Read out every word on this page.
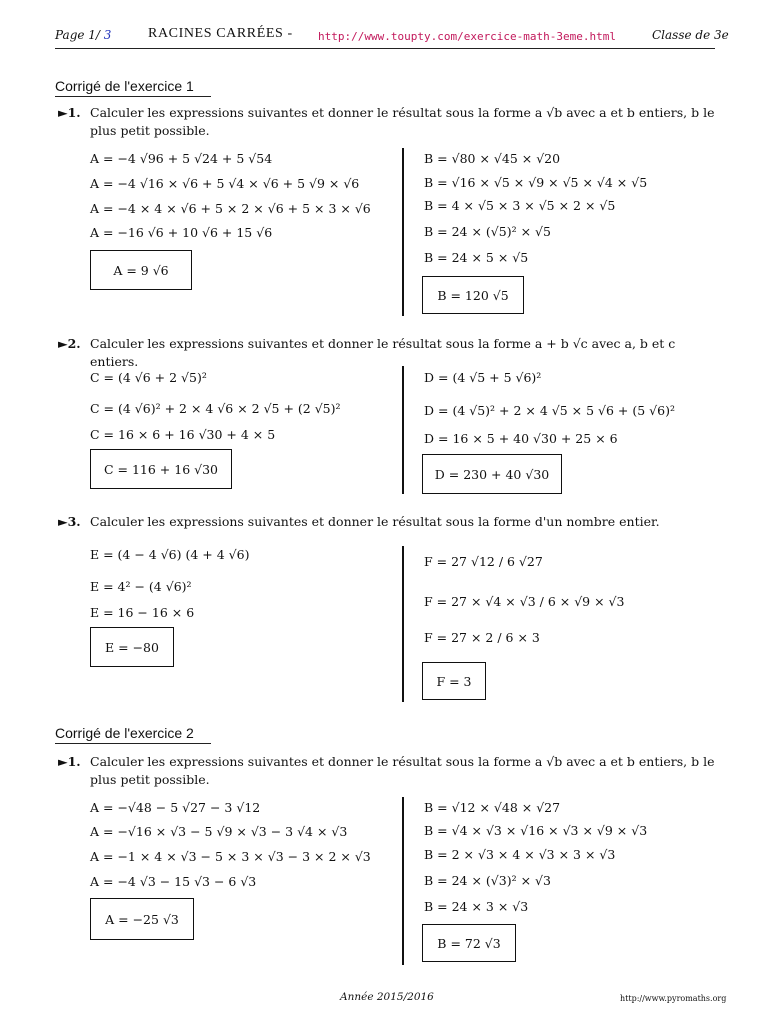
Page 1/ 3	RACINES CARRÉES - http://www.toupty.com/exercice-math-3eme.html	Classe de 3e
Corrigé de l'exercice 1
►1. Calculer les expressions suivantes et donner le résultat sous la forme a √b avec a et b entiers, b le plus petit possible.
A = −4 √96 + 5 √24 + 5 √54
A = −4 √16 × √6 + 5 √4 × √6 + 5 √9 × √6
A = −4 × 4 × √6 + 5 × 2 × √6 + 5 × 3 × √6
A = −16 √6 + 10 √6 + 15 √6
A = 9 √6
B = √80 × √45 × √20
B = √16 × √5 × √9 × √5 × √4 × √5
B = 4 × √5 × 3 × √5 × 2 × √5
B = 24 × (√5)² × √5
B = 24 × 5 × √5
B = 120 √5
►2. Calculer les expressions suivantes et donner le résultat sous la forme a + b √c avec a, b et c entiers.
C = (4 √6 + 2 √5)²
C = (4 √6)² + 2 × 4 √6 × 2 √5 + (2 √5)²
C = 16 × 6 + 16 √30 + 4 × 5
C = 116 + 16 √30
D = (4 √5 + 5 √6)²
D = (4 √5)² + 2 × 4 √5 × 5 √6 + (5 √6)²
D = 16 × 5 + 40 √30 + 25 × 6
D = 230 + 40 √30
►3. Calculer les expressions suivantes et donner le résultat sous la forme d'un nombre entier.
E = (4 − 4 √6) (4 + 4 √6)
E = 4² − (4 √6)²
E = 16 − 16 × 6
E = −80
F = 27 √12 / 6 √27
F = 27 × √4 × √3 / 6 × √9 × √3
F = 27 × 2 / 6 × 3
F = 3
Corrigé de l'exercice 2
►1. Calculer les expressions suivantes et donner le résultat sous la forme a √b avec a et b entiers, b le plus petit possible.
A = −√48 − 5 √27 − 3 √12
A = −√16 × √3 − 5 √9 × √3 − 3 √4 × √3
A = −1 × 4 × √3 − 5 × 3 × √3 − 3 × 2 × √3
A = −4 √3 − 15 √3 − 6 √3
A = −25 √3
B = √12 × √48 × √27
B = √4 × √3 × √16 × √3 × √9 × √3
B = 2 × √3 × 4 × √3 × 3 × √3
B = 24 × (√3)² × √3
B = 24 × 3 × √3
B = 72 √3
Année 2015/2016	http://www.pyromaths.org
